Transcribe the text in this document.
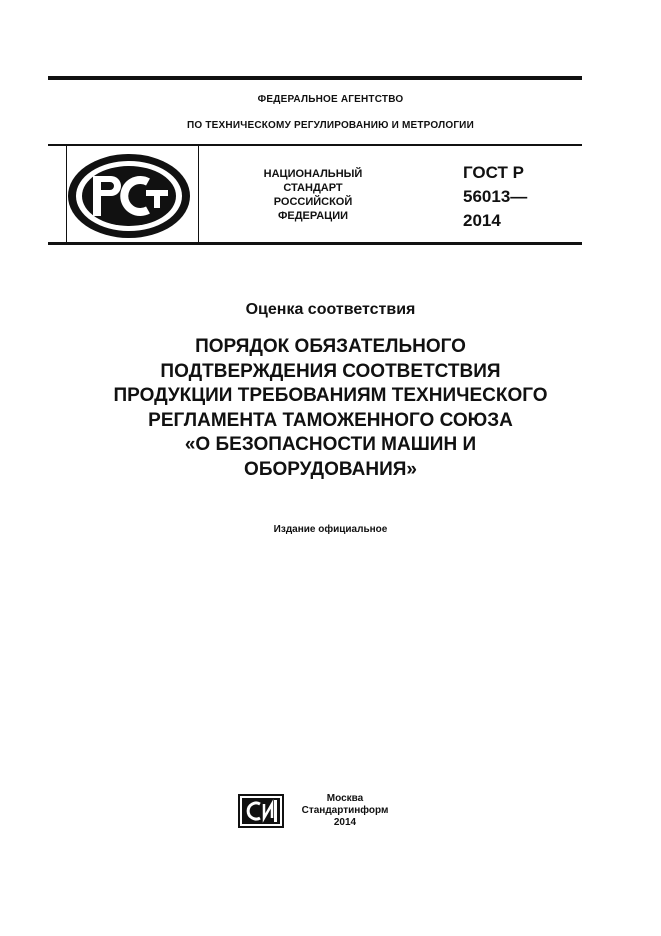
ФЕДЕРАЛЬНОЕ АГЕНТСТВО
ПО ТЕХНИЧЕСКОМУ РЕГУЛИРОВАНИЮ И МЕТРОЛОГИИ
НАЦИОНАЛЬНЫЙ
СТАНДАРТ
РОССИЙСКОЙ
ФЕДЕРАЦИИ
ГОСТ Р
56013—
2014
Оценка соответствия
ПОРЯДОК ОБЯЗАТЕЛЬНОГО
ПОДТВЕРЖДЕНИЯ СООТВЕТСТВИЯ
ПРОДУКЦИИ ТРЕБОВАНИЯМ ТЕХНИЧЕСКОГО
РЕГЛАМЕНТА ТАМОЖЕННОГО СОЮЗА
«О БЕЗОПАСНОСТИ МАШИН И
ОБОРУДОВАНИЯ»
Издание официальное
Москва
Стандартинформ
2014
